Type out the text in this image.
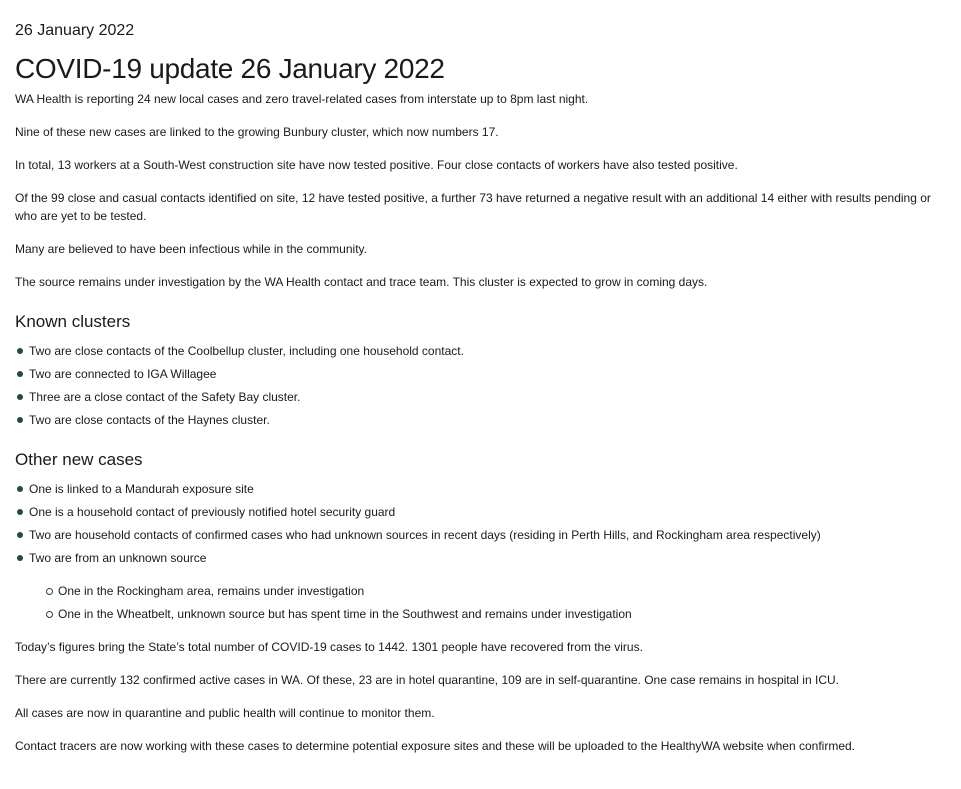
26 January 2022

COVID-19 update 26 January 2022

WA Health is reporting 24 new local cases and zero travel-related cases from interstate up to 8pm last night.

Nine of these new cases are linked to the growing Bunbury cluster, which now numbers 17.

In total, 13 workers at a South-West construction site have now tested positive. Four close contacts of workers have also tested positive.

Of the 99 close and casual contacts identified on site, 12 have tested positive, a further 73 have returned a negative result with an additional 14 either with results pending or who are yet to be tested.

Many are believed to have been infectious while in the community.

The source remains under investigation by the WA Health contact and trace team. This cluster is expected to grow in coming days.

Known clusters
Two are close contacts of the Coolbellup cluster, including one household contact.
Two are connected to IGA Willagee
Three are a close contact of the Safety Bay cluster.
Two are close contacts of the Haynes cluster.
Other new cases
One is linked to a Mandurah exposure site
One is a household contact of previously notified hotel security guard
Two are household contacts of confirmed cases who had unknown sources in recent days (residing in Perth Hills, and Rockingham area respectively)
Two are from an unknown source
One in the Rockingham area, remains under investigation
One in the Wheatbelt, unknown source but has spent time in the Southwest and remains under investigation

Today’s figures bring the State’s total number of COVID-19 cases to 1442. 1301 people have recovered from the virus.

There are currently 132 confirmed active cases in WA. Of these, 23 are in hotel quarantine, 109 are in self-quarantine. One case remains in hospital in ICU.

All cases are now in quarantine and public health will continue to monitor them.

Contact tracers are now working with these cases to determine potential exposure sites and these will be uploaded to the HealthyWA website when confirmed.
